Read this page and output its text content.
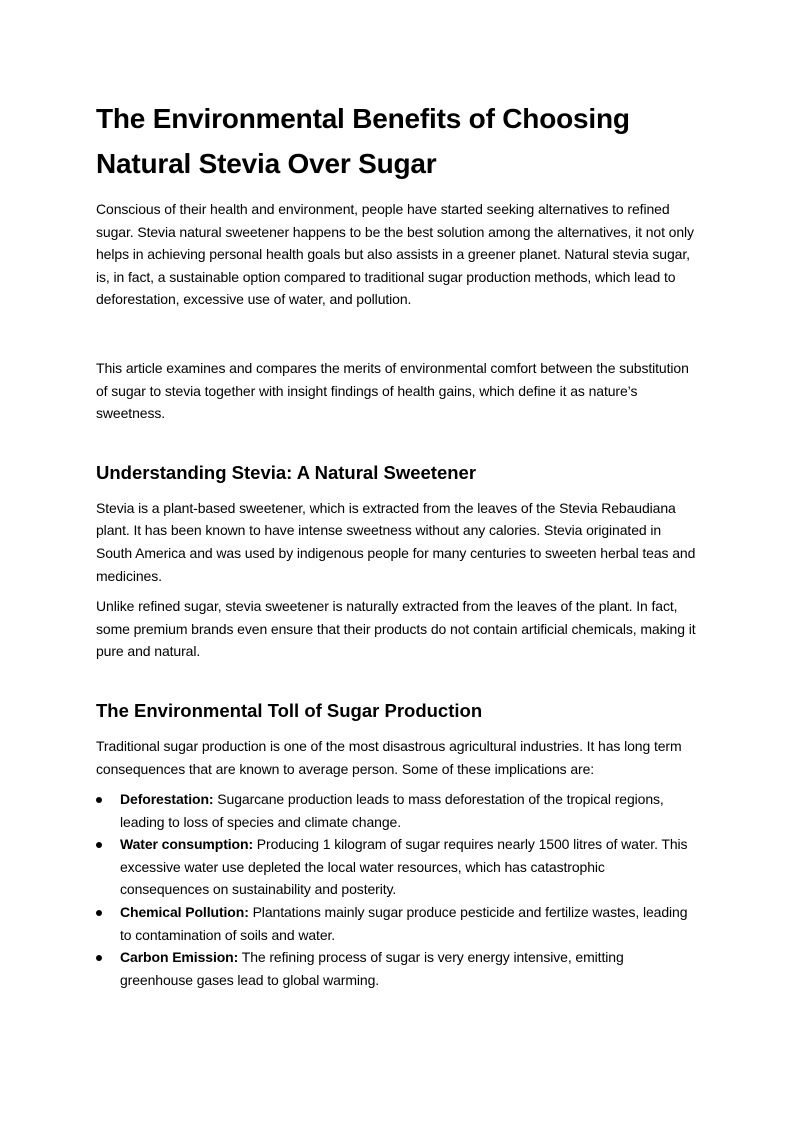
The Environmental Benefits of Choosing Natural Stevia Over Sugar

Conscious of their health and environment, people have started seeking alternatives to refined sugar. Stevia natural sweetener happens to be the best solution among the alternatives, it not only helps in achieving personal health goals but also assists in a greener planet. Natural stevia sugar, is, in fact, a sustainable option compared to traditional sugar production methods, which lead to deforestation, excessive use of water, and pollution.

This article examines and compares the merits of environmental comfort between the substitution of sugar to stevia together with insight findings of health gains, which define it as nature’s sweetness.

Understanding Stevia: A Natural Sweetener

Stevia is a plant-based sweetener, which is extracted from the leaves of the Stevia Rebaudiana plant. It has been known to have intense sweetness without any calories. Stevia originated in South America and was used by indigenous people for many centuries to sweeten herbal teas and medicines.

Unlike refined sugar, stevia sweetener is naturally extracted from the leaves of the plant. In fact, some premium brands even ensure that their products do not contain artificial chemicals, making it pure and natural.

The Environmental Toll of Sugar Production

Traditional sugar production is one of the most disastrous agricultural industries. It has long term consequences that are known to average person. Some of these implications are:

Deforestation: Sugarcane production leads to mass deforestation of the tropical regions, leading to loss of species and climate change.
Water consumption: Producing 1 kilogram of sugar requires nearly 1500 litres of water. This excessive water use depleted the local water resources, which has catastrophic consequences on sustainability and posterity.
Chemical Pollution: Plantations mainly sugar produce pesticide and fertilize wastes, leading to contamination of soils and water.
Carbon Emission: The refining process of sugar is very energy intensive, emitting greenhouse gases lead to global warming.
